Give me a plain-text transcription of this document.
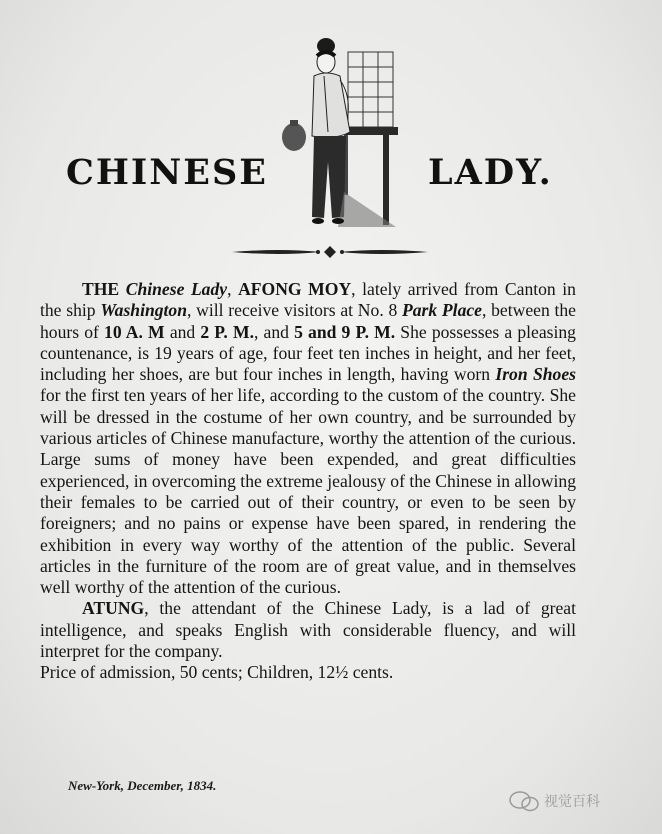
CHINESE	LADY.

THE Chinese Lady, AFONG MOY, lately arrived from Canton in the ship Washington, will receive visitors at No. 8 Park Place, between the hours of 10 A. M and 2 P. M., and 5 and 9 P. M. She possesses a pleasing countenance, is 19 years of age, four feet ten inches in height, and her feet, including her shoes, are but four inches in length, having worn Iron Shoes for the first ten years of her life, according to the custom of the country. She will be dressed in the costume of her own country, and be surrounded by various articles of Chinese manufacture, worthy the attention of the curious. Large sums of money have been expended, and great difficulties experienced, in overcoming the extreme jealousy of the Chinese in allowing their females to be carried out of their country, or even to be seen by foreigners; and no pains or expense have been spared, in rendering the exhibition in every way worthy of the attention of the public. Several articles in the furniture of the room are of great value, and in themselves well worthy of the attention of the curious.

ATUNG, the attendant of the Chinese Lady, is a lad of great intelligence, and speaks English with considerable fluency, and will interpret for the company.

Price of admission, 50 cents; Children, 12½ cents.

New-York, December, 1834.
视觉百科
